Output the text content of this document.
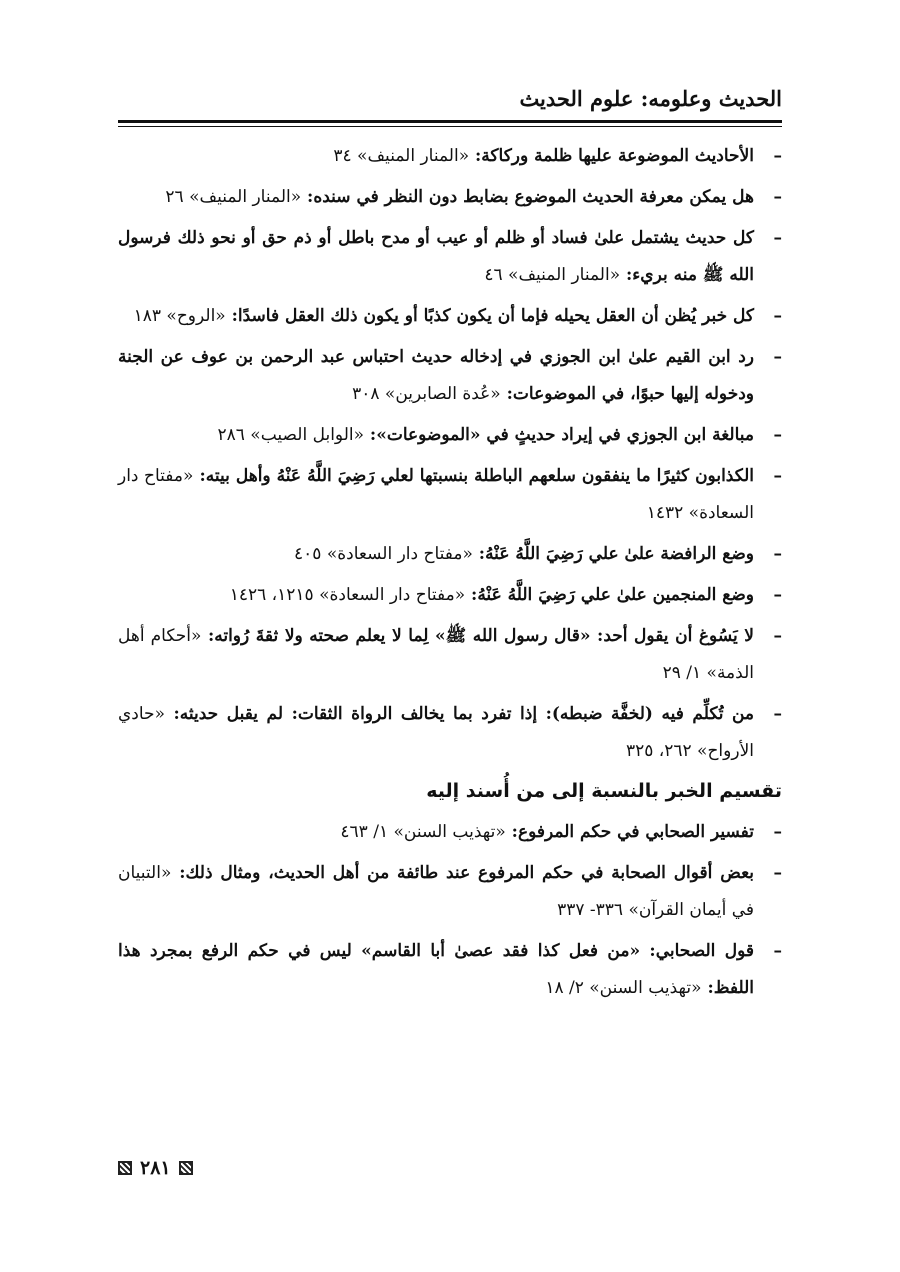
الحديث وعلومه: علوم الحديث
–
الأحاديث الموضوعة عليها ظلمة وركاكة: «المنار المنيف» ٣٤
–
هل يمكن معرفة الحديث الموضوع بضابط دون النظر في سنده: «المنار المنيف» ٢٦
–
كل حديث يشتمل علىٰ فساد أو ظلم أو عيب أو مدح باطل أو ذم حق أو نحو ذلك فرسول الله ﷺ منه بريء: «المنار المنيف» ٤٦
–
كل خبر يُظن أن العقل يحيله فإما أن يكون كذبًا أو يكون ذلك العقل فاسدًا: «الروح» ١٨٣
–
رد ابن القيم علىٰ ابن الجوزي في إدخاله حديث احتباس عبد الرحمن بن عوف عن الجنة ودخوله إليها حبوًا، في الموضوعات: «عُدة الصابرين» ٣٠٨
–
مبالغة ابن الجوزي في إيراد حديثٍ في «الموضوعات»: «الوابل الصيب» ٢٨٦
–
الكذابون كثيرًا ما ينفقون سلعهم الباطلة بنسبتها لعلي رَضِيَ اللَّهُ عَنْهُ وأهل بيته: «مفتاح دار السعادة» ١٤٣٢
–
وضع الرافضة علىٰ علي رَضِيَ اللَّهُ عَنْهُ: «مفتاح دار السعادة» ٤٠٥
–
وضع المنجمين علىٰ علي رَضِيَ اللَّهُ عَنْهُ: «مفتاح دار السعادة» ١٢١٥، ١٤٢٦
–
لا يَسُوغ أن يقول أحد: «قال رسول الله ﷺ» لِما لا يعلم صحته ولا ثقةَ رُواته: «أحكام أهل الذمة» ١/ ٢٩
–
من تُكلِّم فيه (لخفَّة ضبطه): إذا تفرد بما يخالف الرواة الثقات: لم يقبل حديثه: «حادي الأرواح» ٢٦٢، ٣٢٥
تقسيم الخبر بالنسبة إلى من أُسند إليه
–
تفسير الصحابي في حكم المرفوع: «تهذيب السنن» ١/ ٤٦٣
–
بعض أقوال الصحابة في حكم المرفوع عند طائفة من أهل الحديث، ومثال ذلك: «التبيان في أيمان القرآن» ٣٣٦- ٣٣٧
–
قول الصحابي: «من فعل كذا فقد عصىٰ أبا القاسم» ليس في حكم الرفع بمجرد هذا اللفظ: «تهذيب السنن» ٢/ ١٨
٢٨١
